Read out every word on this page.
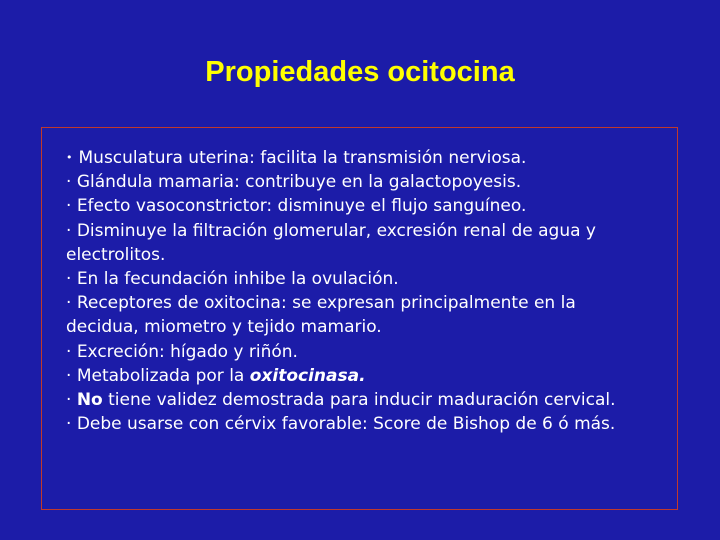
Propiedades ocitocina
• Musculatura uterina: facilita la transmisión nerviosa.
· Glándula mamaria: contribuye en la galactopoyesis.
· Efecto vasoconstrictor: disminuye el flujo sanguíneo.
· Disminuye la filtración glomerular, excresión renal de agua y electrolitos.
· En la fecundación inhibe la ovulación.
· Receptores de oxitocina: se expresan principalmente en la decidua, miometro y tejido mamario.
· Excreción: hígado y riñón.
· Metabolizada por la oxitocinasa.
· No tiene validez demostrada para inducir maduración cervical.
· Debe usarse con cérvix favorable: Score de Bishop de 6 ó más.
